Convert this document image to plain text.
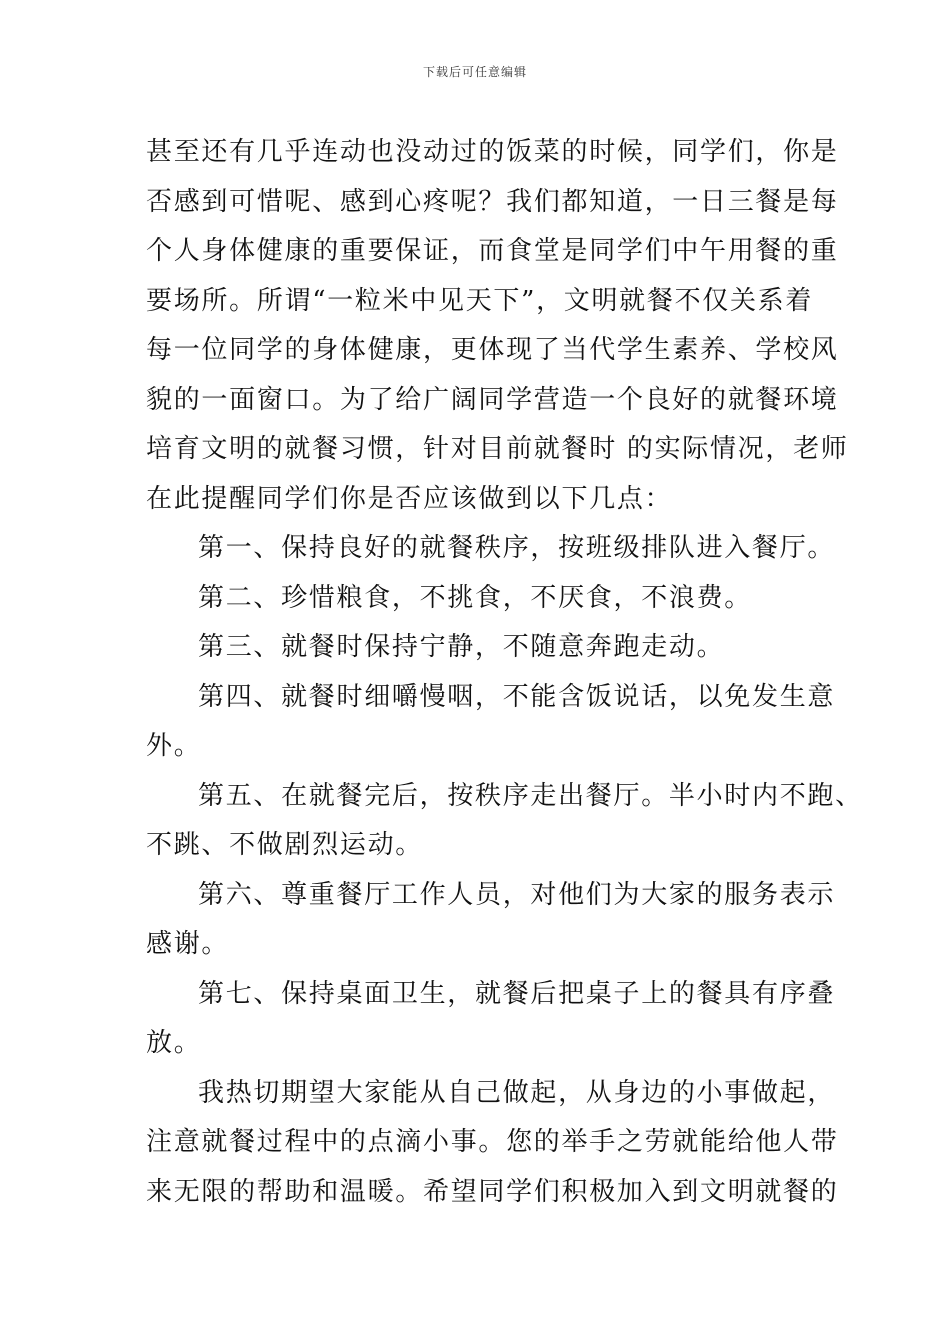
下载后可任意编辑
甚至还有几乎连动也没动过的饭菜的时候，同学们，你是
否感到可惜呢、感到心疼呢？我们都知道，一日三餐是每
个人身体健康的重要保证，而食堂是同学们中午用餐的重
要场所。所谓“一粒米中见天下”，文明就餐不仅关系着
每一位同学的身体健康，更体现了当代学生素养、学校风
貌的一面窗口。为了给广阔同学营造一个良好的就餐环境
培育文明的就餐习惯，针对目前就餐时 的实际情况，老师
在此提醒同学们你是否应该做到以下几点：
第一、保持良好的就餐秩序，按班级排队进入餐厅。
第二、珍惜粮食，不挑食，不厌食，不浪费。
第三、就餐时保持宁静，不随意奔跑走动。
第四、就餐时细嚼慢咽，不能含饭说话，以免发生意
外。
第五、在就餐完后，按秩序走出餐厅。半小时内不跑、
不跳、不做剧烈运动。
第六、尊重餐厅工作人员，对他们为大家的服务表示
感谢。
第七、保持桌面卫生，就餐后把桌子上的餐具有序叠
放。
我热切期望大家能从自己做起，从身边的小事做起，
注意就餐过程中的点滴小事。您的举手之劳就能给他人带
来无限的帮助和温暖。希望同学们积极加入到文明就餐的
